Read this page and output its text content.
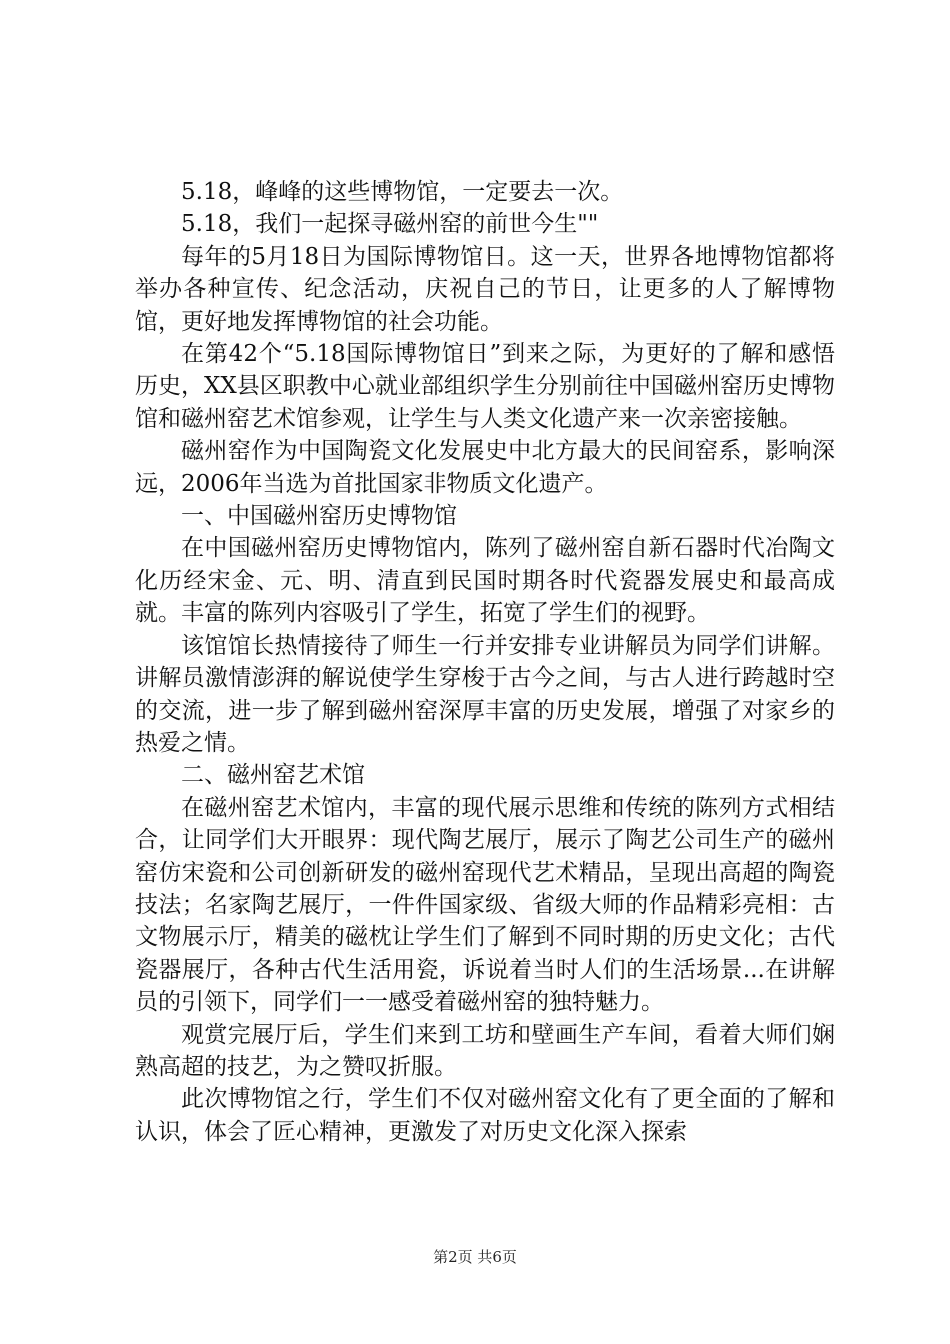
5.18，峰峰的这些博物馆，一定要去一次。

5.18，我们一起探寻磁州窑的前世今生""

每年的5月18日为国际博物馆日。这一天，世界各地博物馆都将举办各种宣传、纪念活动，庆祝自己的节日，让更多的人了解博物馆，更好地发挥博物馆的社会功能。

在第42个“5.18国际博物馆日”到来之际，为更好的了解和感悟历史，XX县区职教中心就业部组织学生分别前往中国磁州窑历史博物馆和磁州窑艺术馆参观，让学生与人类文化遗产来一次亲密接触。

磁州窑作为中国陶瓷文化发展史中北方最大的民间窑系，影响深远，2006年当选为首批国家非物质文化遗产。

一、中国磁州窑历史博物馆

在中国磁州窑历史博物馆内，陈列了磁州窑自新石器时代冶陶文化历经宋金、元、明、清直到民国时期各时代瓷器发展史和最高成就。丰富的陈列内容吸引了学生，拓宽了学生们的视野。

该馆馆长热情接待了师生一行并安排专业讲解员为同学们讲解。讲解员激情澎湃的解说使学生穿梭于古今之间，与古人进行跨越时空的交流，进一步了解到磁州窑深厚丰富的历史发展，增强了对家乡的热爱之情。

二、磁州窑艺术馆

在磁州窑艺术馆内，丰富的现代展示思维和传统的陈列方式相结合，让同学们大开眼界：现代陶艺展厅，展示了陶艺公司生产的磁州窑仿宋瓷和公司创新研发的磁州窑现代艺术精品，呈现出高超的陶瓷技法；名家陶艺展厅，一件件国家级、省级大师的作品精彩亮相：古文物展示厅，精美的磁枕让学生们了解到不同时期的历史文化；古代瓷器展厅，各种古代生活用瓷，诉说着当时人们的生活场景...在讲解员的引领下，同学们一一感受着磁州窑的独特魅力。

观赏完展厅后，学生们来到工坊和壁画生产车间，看着大师们娴熟高超的技艺，为之赞叹折服。

此次博物馆之行，学生们不仅对磁州窑文化有了更全面的了解和认识，体会了匠心精神，更激发了对历史文化深入探索

第2页 共6页
